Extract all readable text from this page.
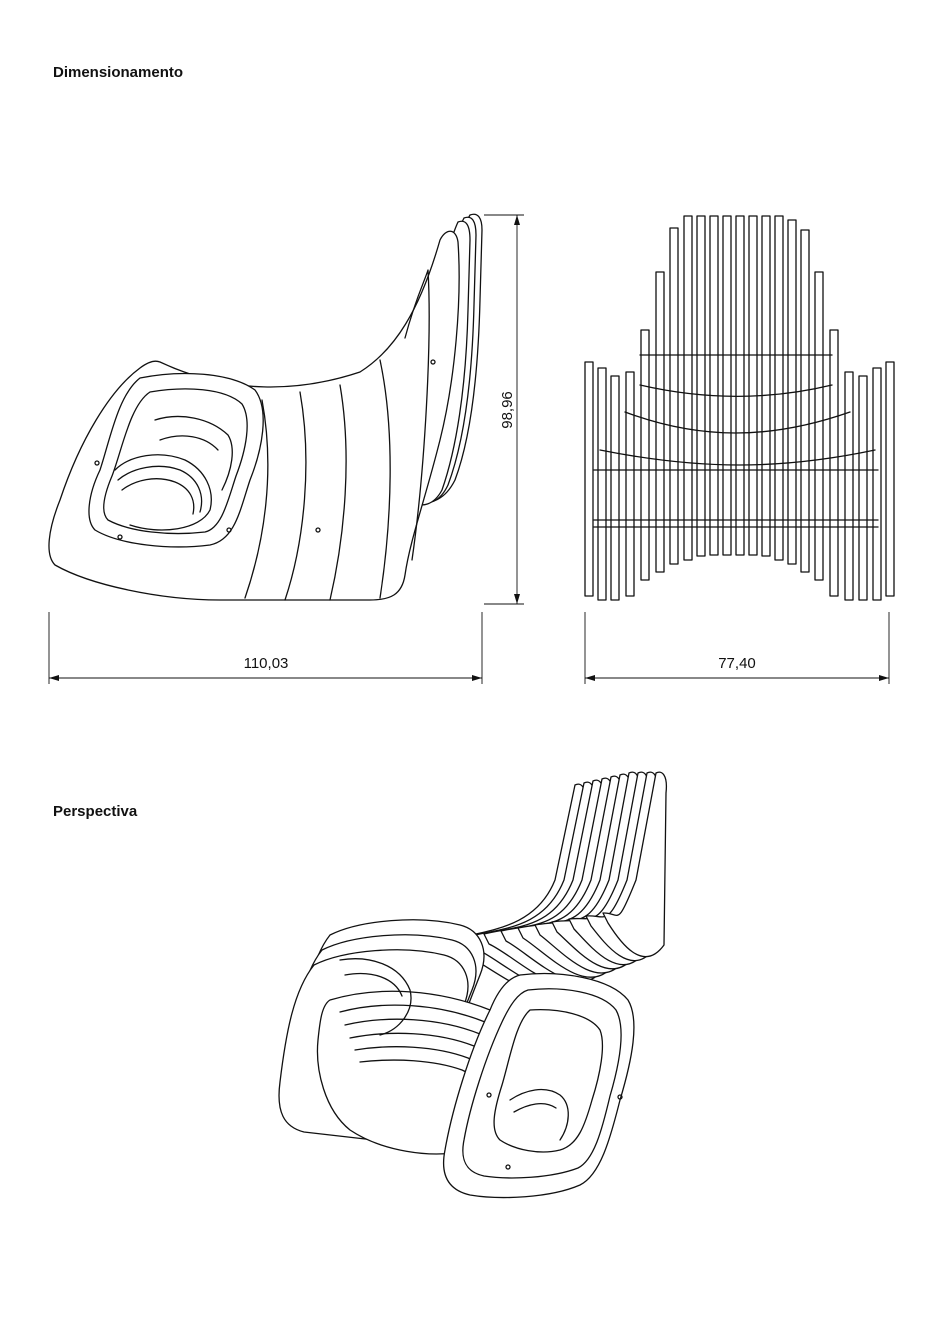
Dimensionamento
Perspectiva
98,96
110,03	77,40
